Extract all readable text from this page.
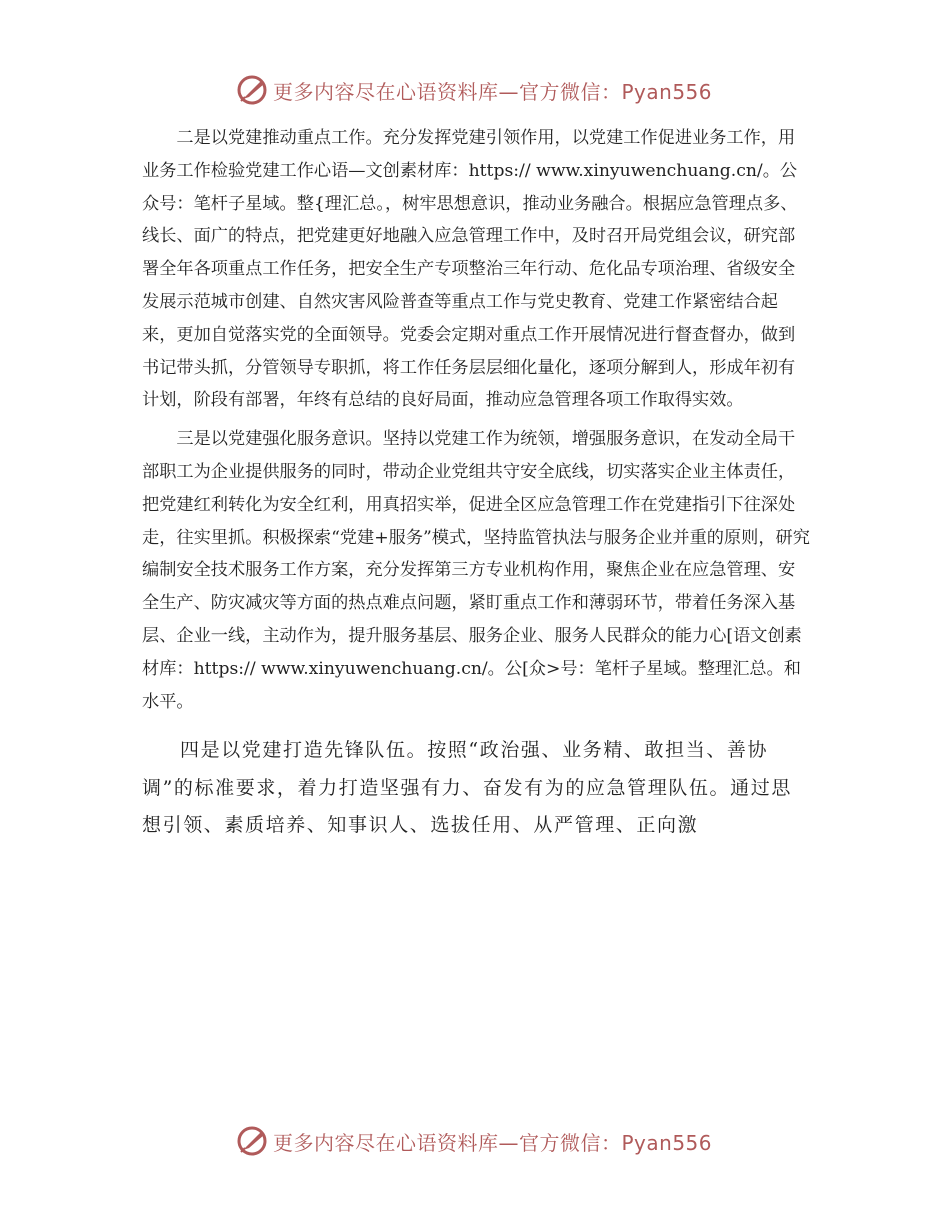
更多内容尽在心语资料库—官方微信：Pyan556

二是以党建推动重点工作。充分发挥党建引领作用，以党建工作促进业务工作，用业务工作检验党建工作心语—文创素材库：https:// www.xinyuwenchuang.cn/。公众号：笔杆子星域。整{理汇总。，树牢思想意识，推动业务融合。根据应急管理点多、线长、面广的特点，把党建更好地融入应急管理工作中，及时召开局党组会议，研究部署全年各项重点工作任务，把安全生产专项整治三年行动、危化品专项治理、省级安全发展示范城市创建、自然灾害风险普查等重点工作与党史教育、党建工作紧密结合起来，更加自觉落实党的全面领导。党委会定期对重点工作开展情况进行督查督办，做到书记带头抓，分管领导专职抓，将工作任务层层细化量化，逐项分解到人，形成年初有计划，阶段有部署，年终有总结的良好局面，推动应急管理各项工作取得实效。

三是以党建强化服务意识。坚持以党建工作为统领，增强服务意识，在发动全局干部职工为企业提供服务的同时，带动企业党组共守安全底线，切实落实企业主体责任，把党建红利转化为安全红利，用真招实举，促进全区应急管理工作在党建指引下往深处走，往实里抓。积极探索“党建+服务”模式，坚持监管执法与服务企业并重的原则，研究编制安全技术服务工作方案，充分发挥第三方专业机构作用，聚焦企业在应急管理、安全生产、防灾减灾等方面的热点难点问题，紧盯重点工作和薄弱环节，带着任务深入基层、企业一线，主动作为，提升服务基层、服务企业、服务人民群众的能力心[语文创素材库：https:// www.xinyuwenchuang.cn/。公[众>号：笔杆子星域。整理汇总。和水平。

四是以党建打造先锋队伍。按照“政治强、业务精、敢担当、善协调”的标准要求，着力打造坚强有力、奋发有为的应急管理队伍。通过思想引领、素质培养、知事识人、选拔任用、从严管理、正向激

更多内容尽在心语资料库—官方微信：Pyan556
